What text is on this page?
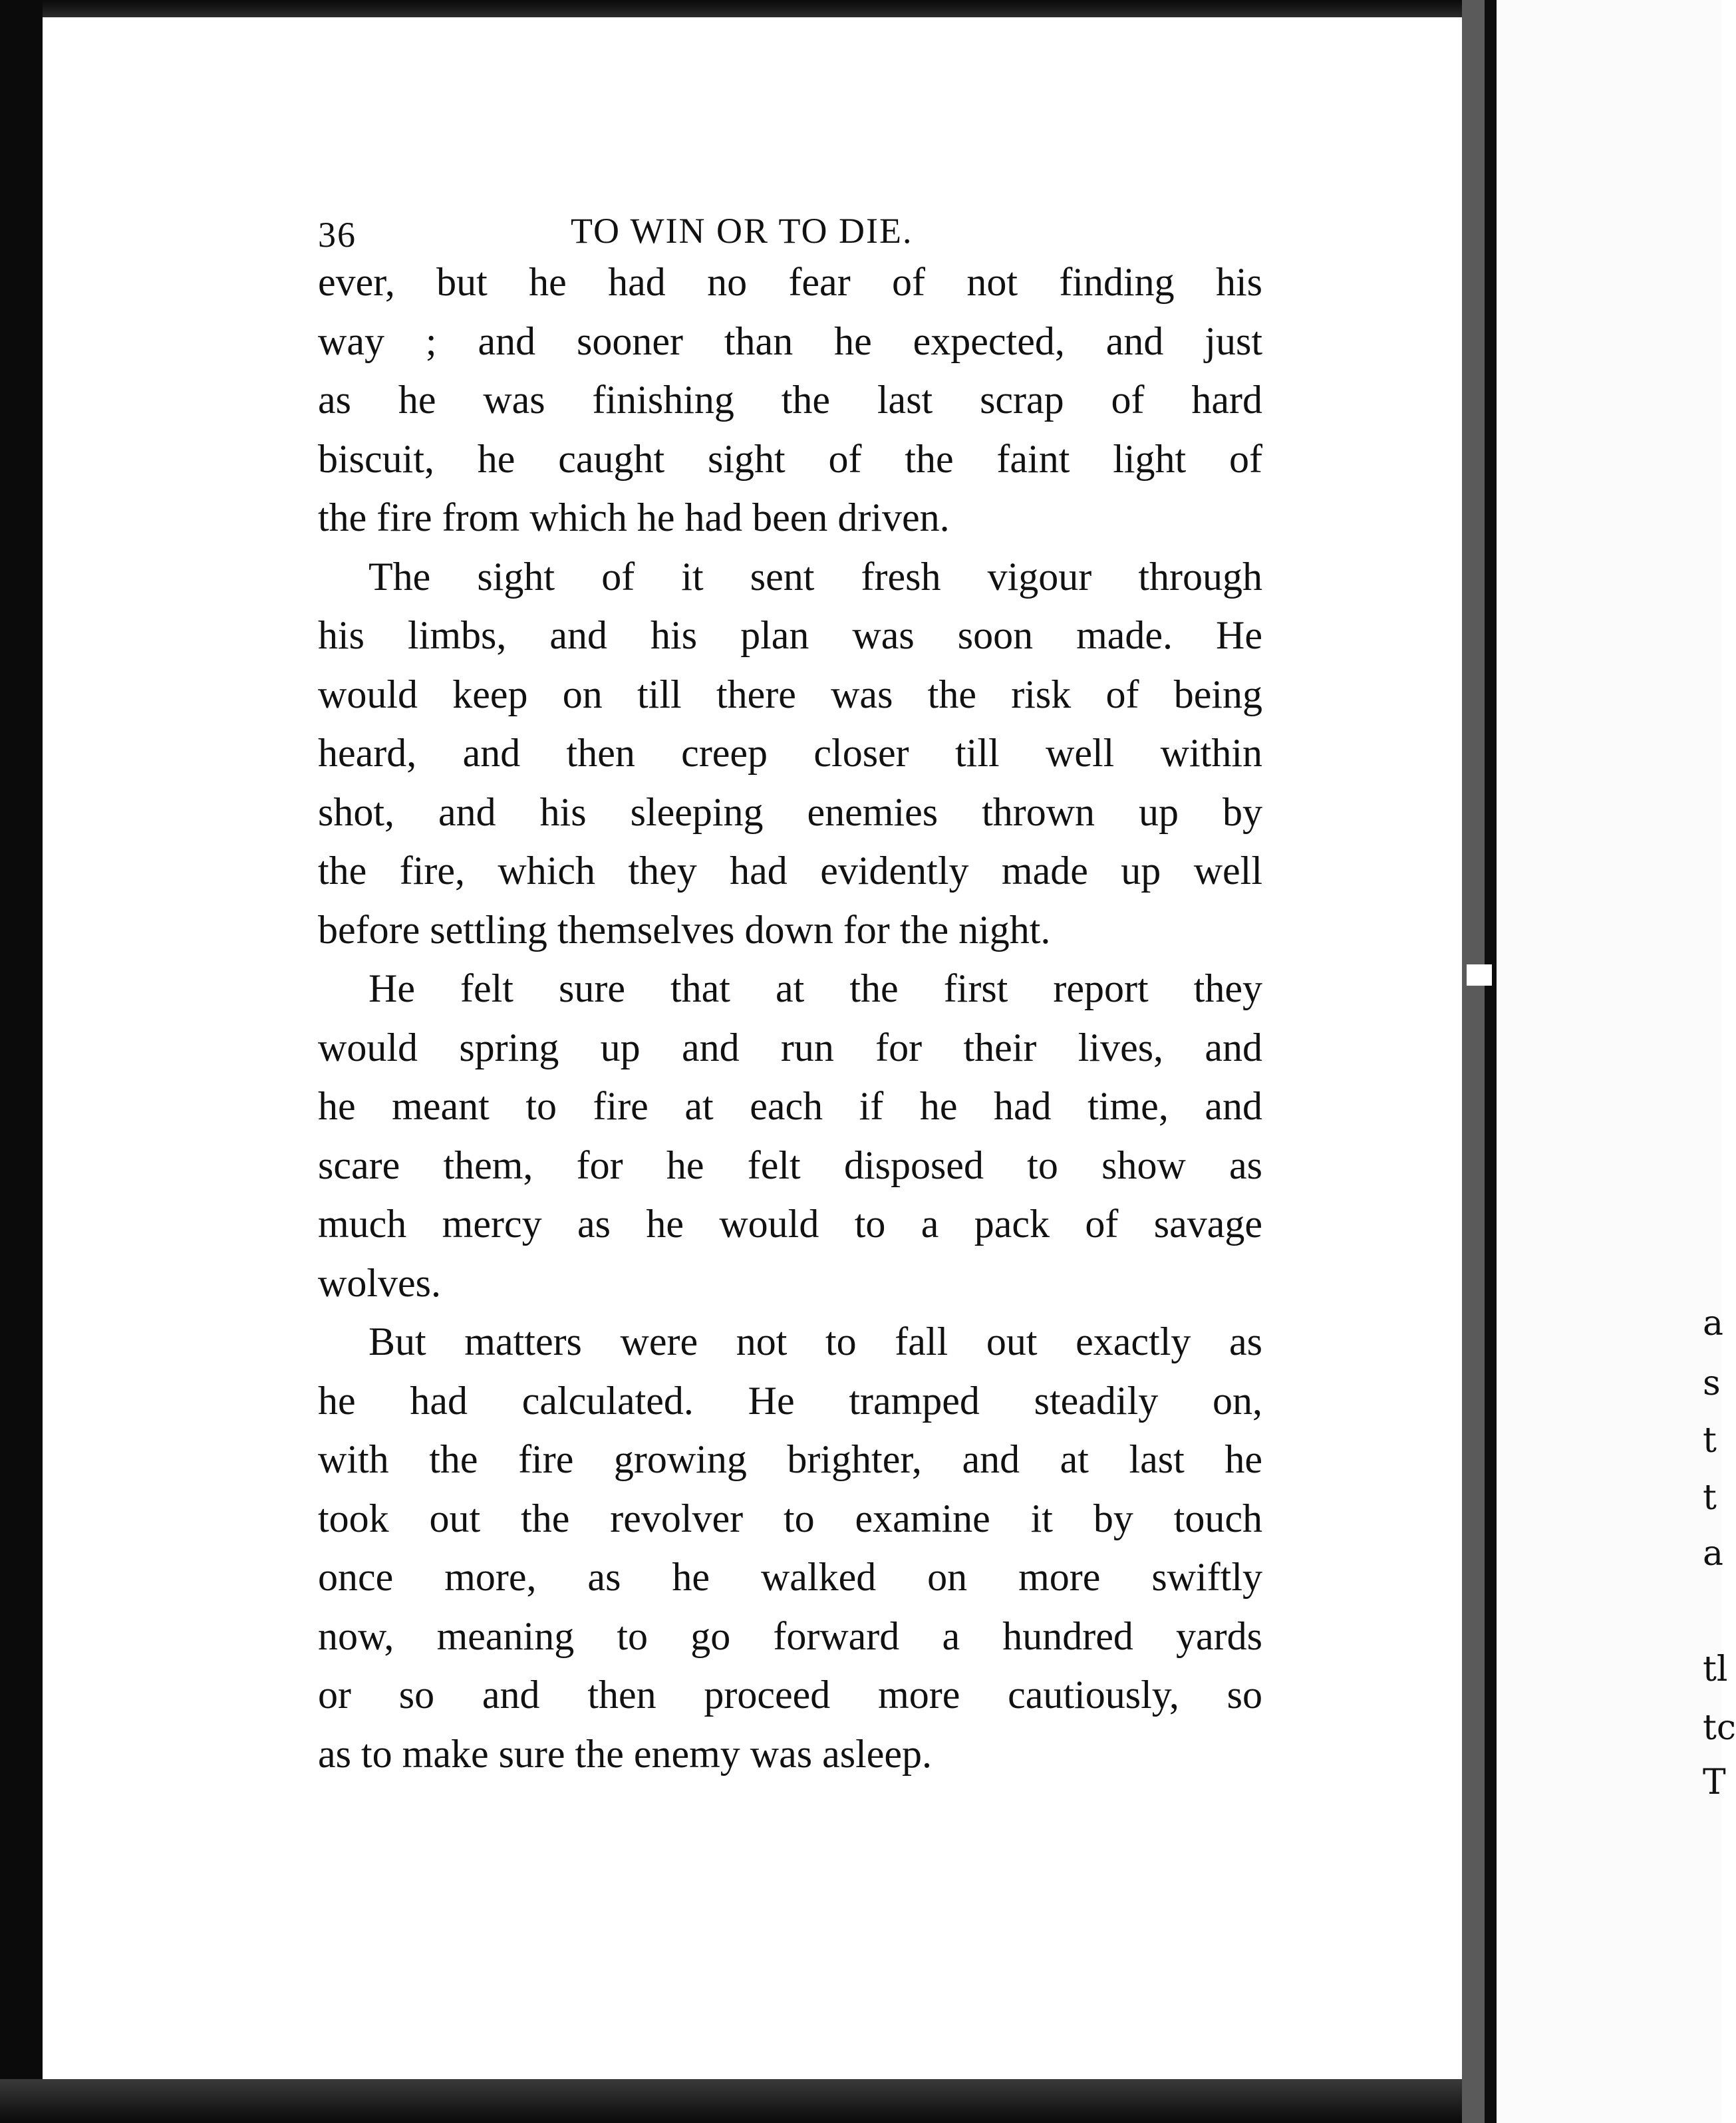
a
s
t
t
a
tl
tc
T
36	TO WIN OR TO DIE.
ever, but he had no fear of not finding his
way ; and sooner than he expected, and just
as he was finishing the last scrap of hard
biscuit, he caught sight of the faint light of
the fire from which he had been driven.
The sight of it sent fresh vigour through
his limbs, and his plan was soon made. He
would keep on till there was the risk of being
heard, and then creep closer till well within
shot, and his sleeping enemies thrown up by
the fire, which they had evidently made up well
before settling themselves down for the night.
He felt sure that at the first report they
would spring up and run for their lives, and
he meant to fire at each if he had time, and
scare them, for he felt disposed to show as
much mercy as he would to a pack of savage
wolves.
But matters were not to fall out exactly as
he had calculated. He tramped steadily on,
with the fire growing brighter, and at last he
took out the revolver to examine it by touch
once more, as he walked on more swiftly
now, meaning to go forward a hundred yards
or so and then proceed more cautiously, so
as to make sure the enemy was asleep.
